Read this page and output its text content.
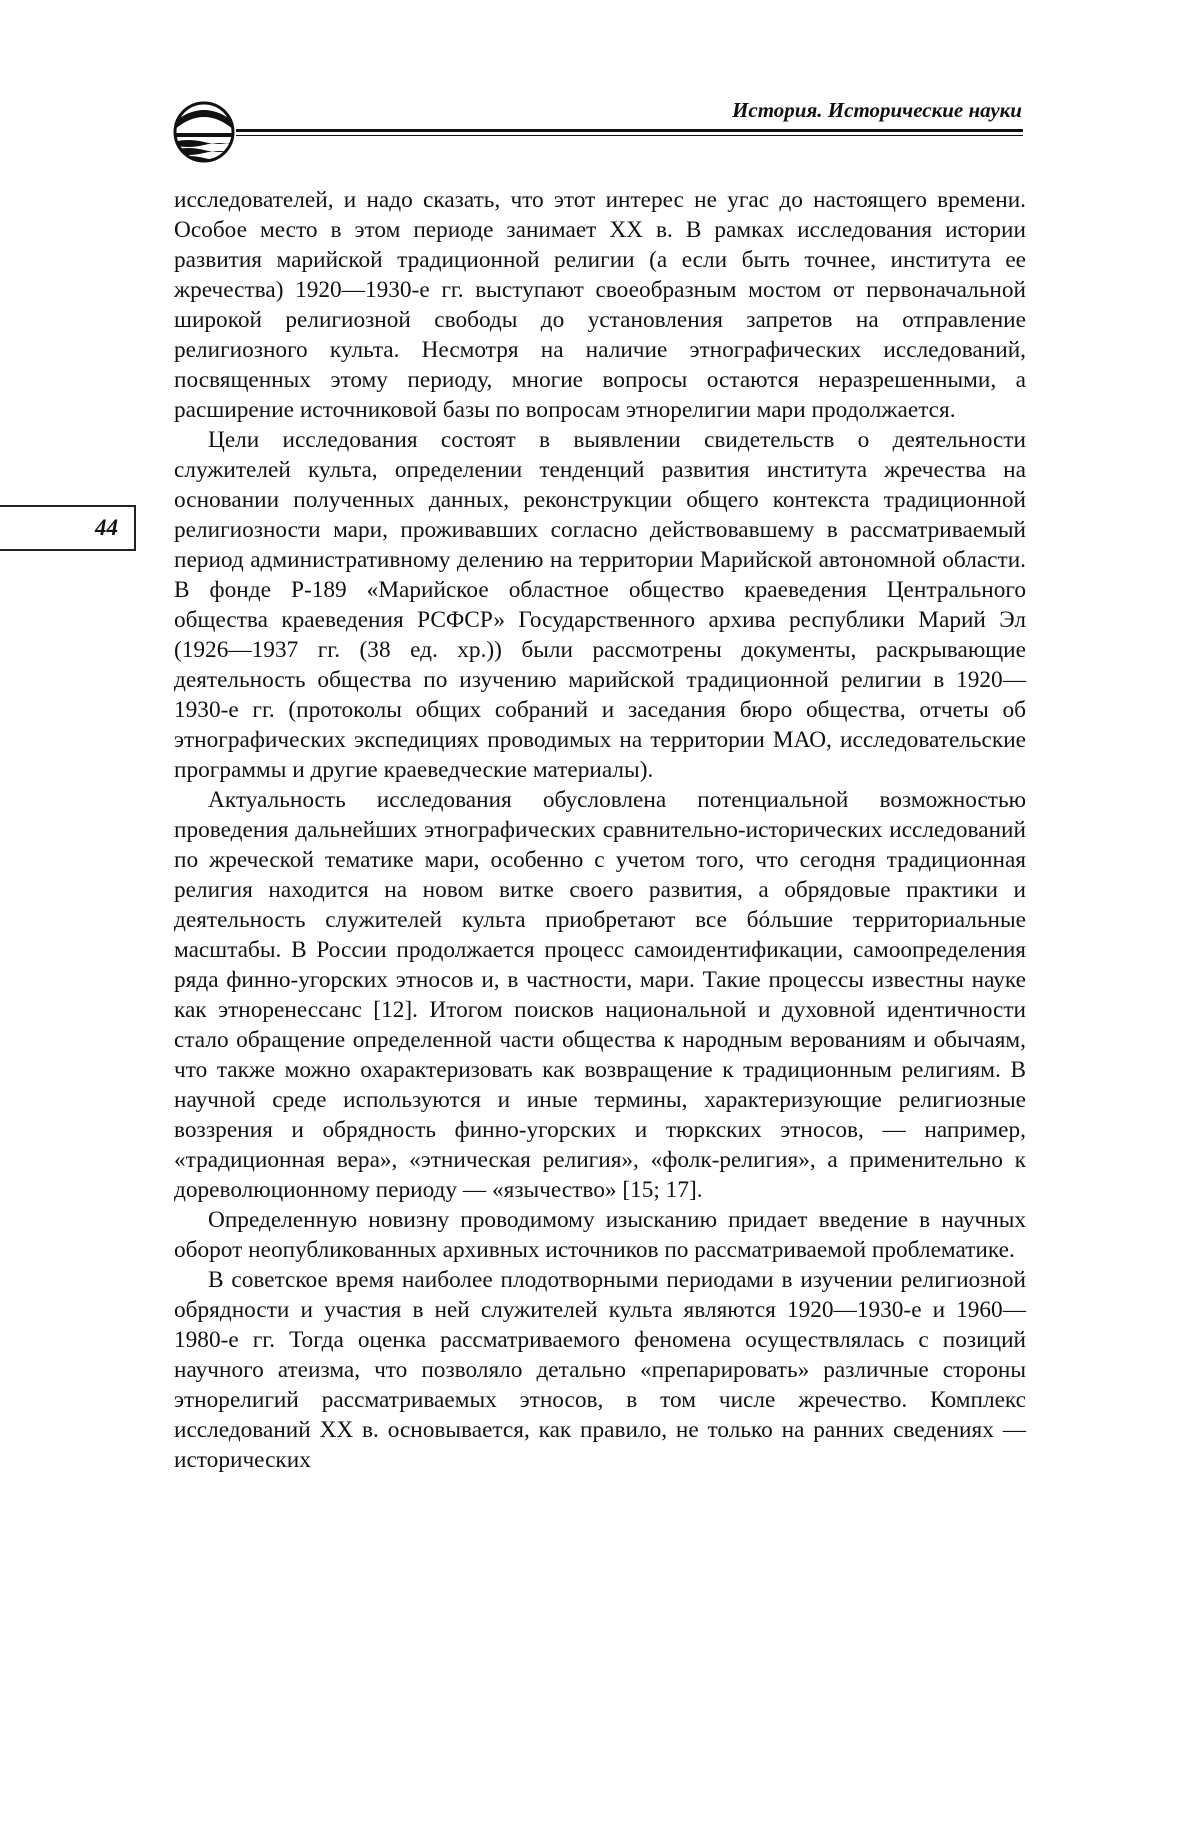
История. Исторические науки
44

исследователей, и надо сказать, что этот интерес не угас до настоящего времени. Особое место в этом периоде занимает XX в. В рамках исследования истории развития марийской традиционной религии (а если быть точнее, института ее жречества) 1920—1930-е гг. выступают своеобразным мостом от первоначальной широкой религиозной свободы до установления запретов на отправление религиозного культа. Несмотря на наличие этнографических исследований, посвященных этому периоду, многие вопросы остаются неразрешенными, а расширение источниковой базы по вопросам этнорелигии мари продолжается.

Цели исследования состоят в выявлении свидетельств о деятельности служителей культа, определении тенденций развития института жречества на основании полученных данных, реконструкции общего контекста традиционной религиозности мари, проживавших согласно действовавшему в рассматриваемый период административному делению на территории Марийской автономной области. В фонде Р-189 «Марийское областное общество краеведения Центрального общества краеведения РСФСР» Государственного архива республики Марий Эл (1926—1937 гг. (38 ед. хр.)) были рассмотрены документы, раскрывающие деятельность общества по изучению марийской традиционной религии в 1920—1930-е гг. (протоколы общих собраний и заседания бюро общества, отчеты об этнографических экспедициях проводимых на территории МАО, исследовательские программы и другие краеведческие материалы).

Актуальность исследования обусловлена потенциальной возможностью проведения дальнейших этнографических сравнительно-исторических исследований по жреческой тематике мари, особенно с учетом того, что сегодня традиционная религия находится на новом витке своего развития, а обрядовые практики и деятельность служителей культа приобретают все бóльшие территориальные масштабы. В России продолжается процесс самоидентификации, самоопределения ряда финно-угорских этносов и, в частности, мари. Такие процессы известны науке как этноренессанс [12]. Итогом поисков национальной и духовной идентичности стало обращение определенной части общества к народным верованиям и обычаям, что также можно охарактеризовать как возвращение к традиционным религиям. В научной среде используются и иные термины, характеризующие религиозные воззрения и обрядность финно-угорских и тюркских этносов, — например, «традиционная вера», «этническая религия», «фолк-религия», а применительно к дореволюционному периоду — «язычество» [15; 17].

Определенную новизну проводимому изысканию придает введение в научных оборот неопубликованных архивных источников по рассматриваемой проблематике.

В советское время наиболее плодотворными периодами в изучении религиозной обрядности и участия в ней служителей культа являются 1920—1930-е и 1960—1980-е гг. Тогда оценка рассматриваемого феномена осуществлялась с позиций научного атеизма, что позволяло детально «препарировать» различные стороны этнорелигий рассматриваемых этносов, в том числе жречество. Комплекс исследований XX в. основывается, как правило, не только на ранних сведениях — исторических
